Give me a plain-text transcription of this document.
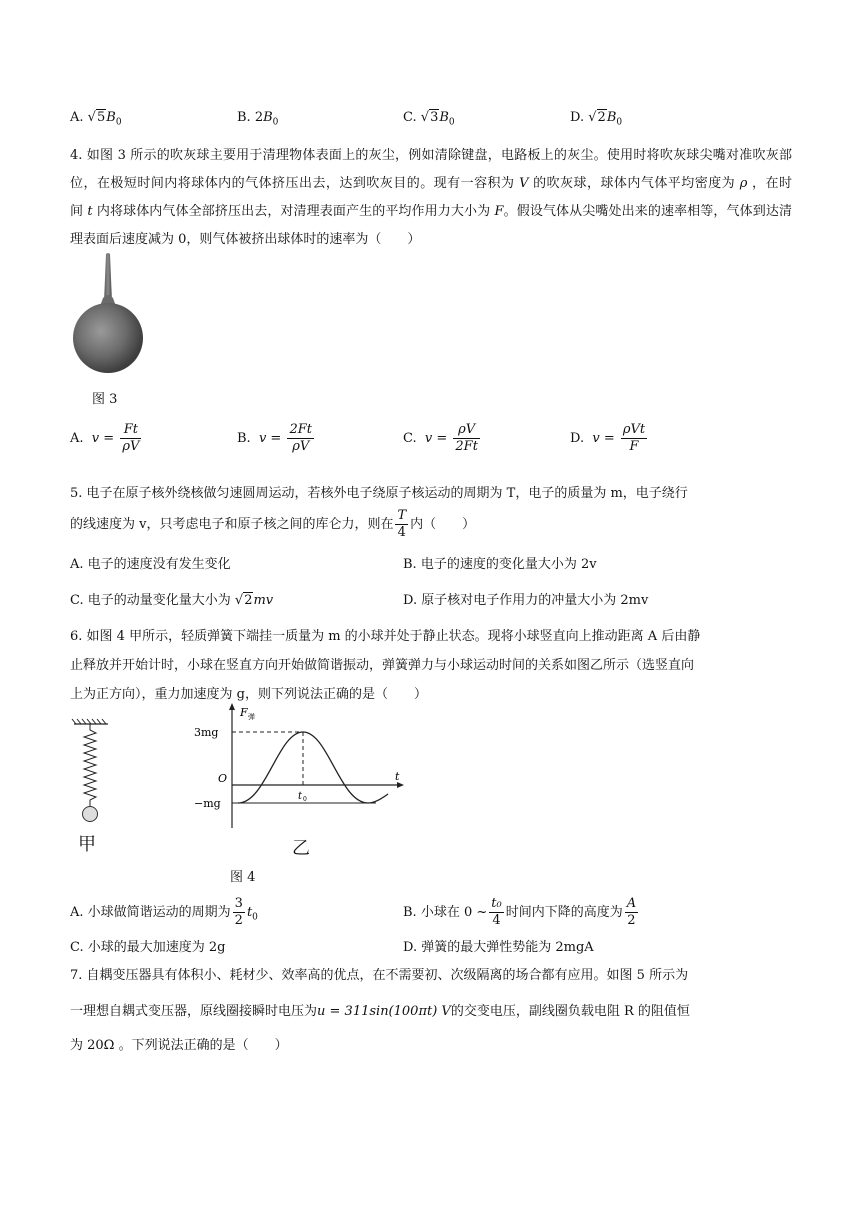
A. $√5B_0$	B. $2B_0$	C. $√3B_0$	D. $√2B_0$
4. 如图 3 所示的吹灰球主要用于清理物体表面上的灰尘，例如清除键盘，电路板上的灰尘。使用时将吹灰球尖嘴对准吹灰部位，在极短时间内将球体内的气体挤压出去，达到吹灰目的。现有一容积为 V 的吹灰球，球体内气体平均密度为 ρ ，在时间 t 内将球体内气体全部挤压出去，对清理表面产生的平均作用力大小为 F。假设气体从尖嘴处出来的速率相等，气体到达清理表面后速度减为 0，则气体被挤出球体时的速率为（　　）
图 3
A. $v = \frac{Ft}{\rho V}$	B. $v = \frac{2Ft}{\rho V}$	C. $v = \frac{\rho V}{2Ft}$	D. $v = \frac{\text{ρVt}}{F}$
5. 电子在原子核外绕核做匀速圆周运动，若核外电子绕原子核运动的周期为 T，电子的质量为 m，电子绕行
的线速度为 v，只考虑电子和原子核之间的库仑力，则在 $\frac{T}{4}$ 内（　　）
A. 电子的速度没有发生变化	B. 电子的速度的变化量大小为 2v
C. 电子的动量变化量大小为 √2mv	D. 原子核对电子作用力的冲量大小为 2mv
6. 如图 4 甲所示，轻质弹簧下端挂一质量为 m 的小球并处于静止状态。现将小球竖直向上推动距离 A 后由静
止释放并开始计时，小球在竖直方向开始做简谐振动，弹簧弹力与小球运动时间的关系如图乙所示（选竖直向
上为正方向），重力加速度为 g，则下列说法正确的是（　　）
甲
F 弹
3mg
O
−mg
t 0
t
乙
图 4
A. 小球做简谐运动的周期为 $\frac{3}{2} t_0$	B. 小球在 0 ~ $\frac{\text{t₀}}{4}$ 时间内下降的高度为 $\frac{A}{2}$
C. 小球的最大加速度为 2g	D. 弹簧的最大弹性势能为 2mgA
7. 自耦变压器具有体积小、耗材少、效率高的优点，在不需要初、次级隔离的场合都有应用。如图 5 所示为
一理想自耦式变压器，原线圈接瞬时电压为u = 311sin(100πt) V的交变电压，副线圈负载电阻 R 的阻值恒
为 20Ω 。下列说法正确的是（　　）
